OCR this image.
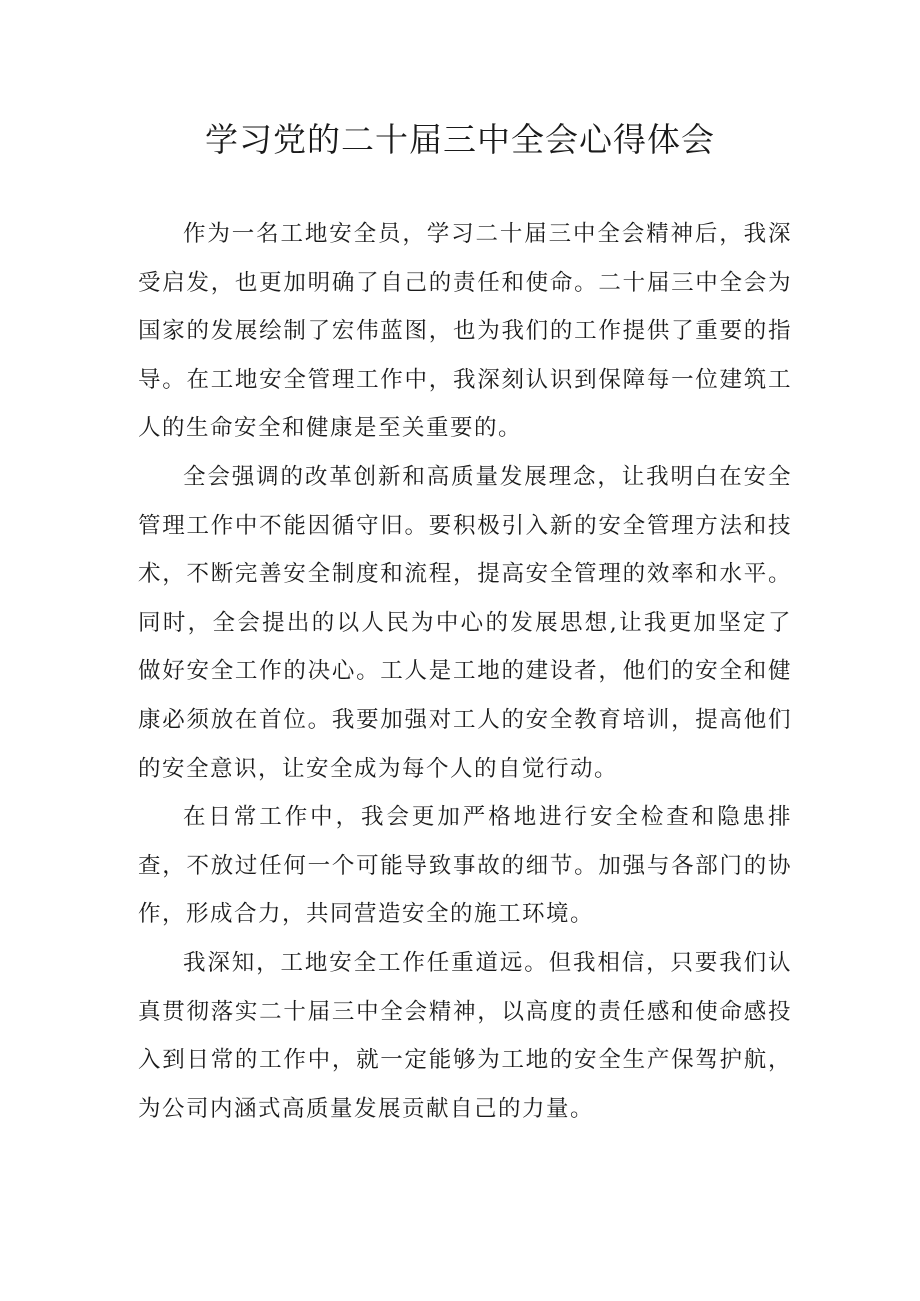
学习党的二十届三中全会心得体会

作为一名工地安全员，学习二十届三中全会精神后，我深受启发，也更加明确了自己的责任和使命。二十届三中全会为国家的发展绘制了宏伟蓝图，也为我们的工作提供了重要的指导。在工地安全管理工作中，我深刻认识到保障每一位建筑工人的生命安全和健康是至关重要的。

全会强调的改革创新和高质量发展理念，让我明白在安全管理工作中不能因循守旧。要积极引入新的安全管理方法和技术，不断完善安全制度和流程，提高安全管理的效率和水平。同时，全会提出的以人民为中心的发展思想,让我更加坚定了做好安全工作的决心。工人是工地的建设者，他们的安全和健康必须放在首位。我要加强对工人的安全教育培训，提高他们的安全意识，让安全成为每个人的自觉行动。

在日常工作中，我会更加严格地进行安全检查和隐患排查，不放过任何一个可能导致事故的细节。加强与各部门的协作，形成合力，共同营造安全的施工环境。

我深知，工地安全工作任重道远。但我相信，只要我们认真贯彻落实二十届三中全会精神，以高度的责任感和使命感投入到日常的工作中，就一定能够为工地的安全生产保驾护航，为公司内涵式高质量发展贡献自己的力量。
